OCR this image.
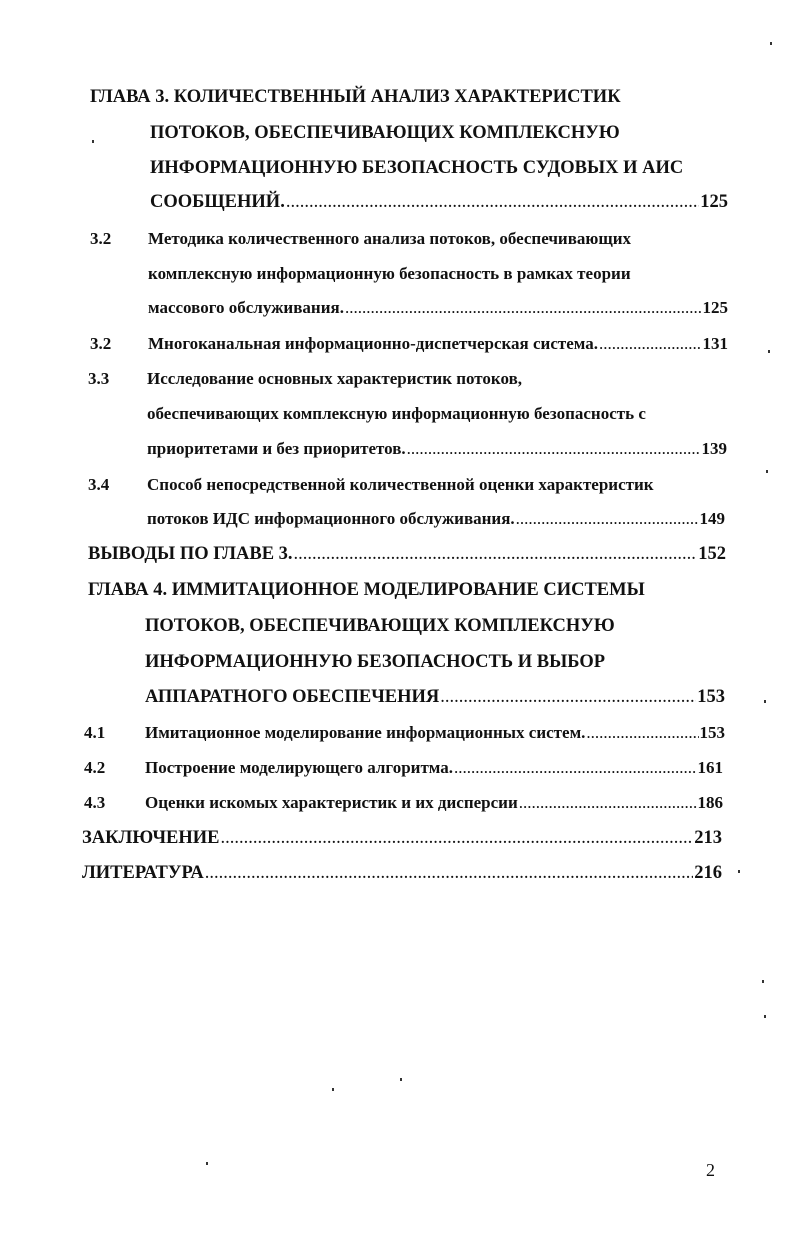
ГЛАВА 3. КОЛИЧЕСТВЕННЫЙ АНАЛИЗ ХАРАКТЕРИСТИК
ПОТОКОВ, ОБЕСПЕЧИВАЮЩИХ КОМПЛЕКСНУЮ
ИНФОРМАЦИОННУЮ БЕЗОПАСНОСТЬ СУДОВЫХ И АИС
СООБЩЕНИЙ. .....	125
3.2 Методика количественного анализа потоков, обеспечивающих
комплексную информационную безопасность в рамках теории
массового обслуживания. .....	125
3.2 Многоканальная информационно-диспетчерская система. .....	131
3.3 Исследование основных характеристик потоков,
обеспечивающих комплексную информационную безопасность с
приоритетами и без приоритетов. .....	139
3.4 Способ непосредственной количественной оценки характеристик
потоков ИДС информационного обслуживания. .....	149
ВЫВОДЫ ПО ГЛАВЕ 3. .....	152
ГЛАВА 4. ИММИТАЦИОННОЕ МОДЕЛИРОВАНИЕ СИСТЕМЫ
ПОТОКОВ, ОБЕСПЕЧИВАЮЩИХ КОМПЛЕКСНУЮ
ИНФОРМАЦИОННУЮ БЕЗОПАСНОСТЬ И ВЫБОР
АППАРАТНОГО ОБЕСПЕЧЕНИЯ .....	153
4.1 Имитационное моделирование информационных систем. .....	153
4.2 Построение моделирующего алгоритма. .....	161
4.3 Оценки искомых характеристик и их дисперсии .....	186
ЗАКЛЮЧЕНИЕ .....	213
ЛИТЕРАТУРА .....	216
2
